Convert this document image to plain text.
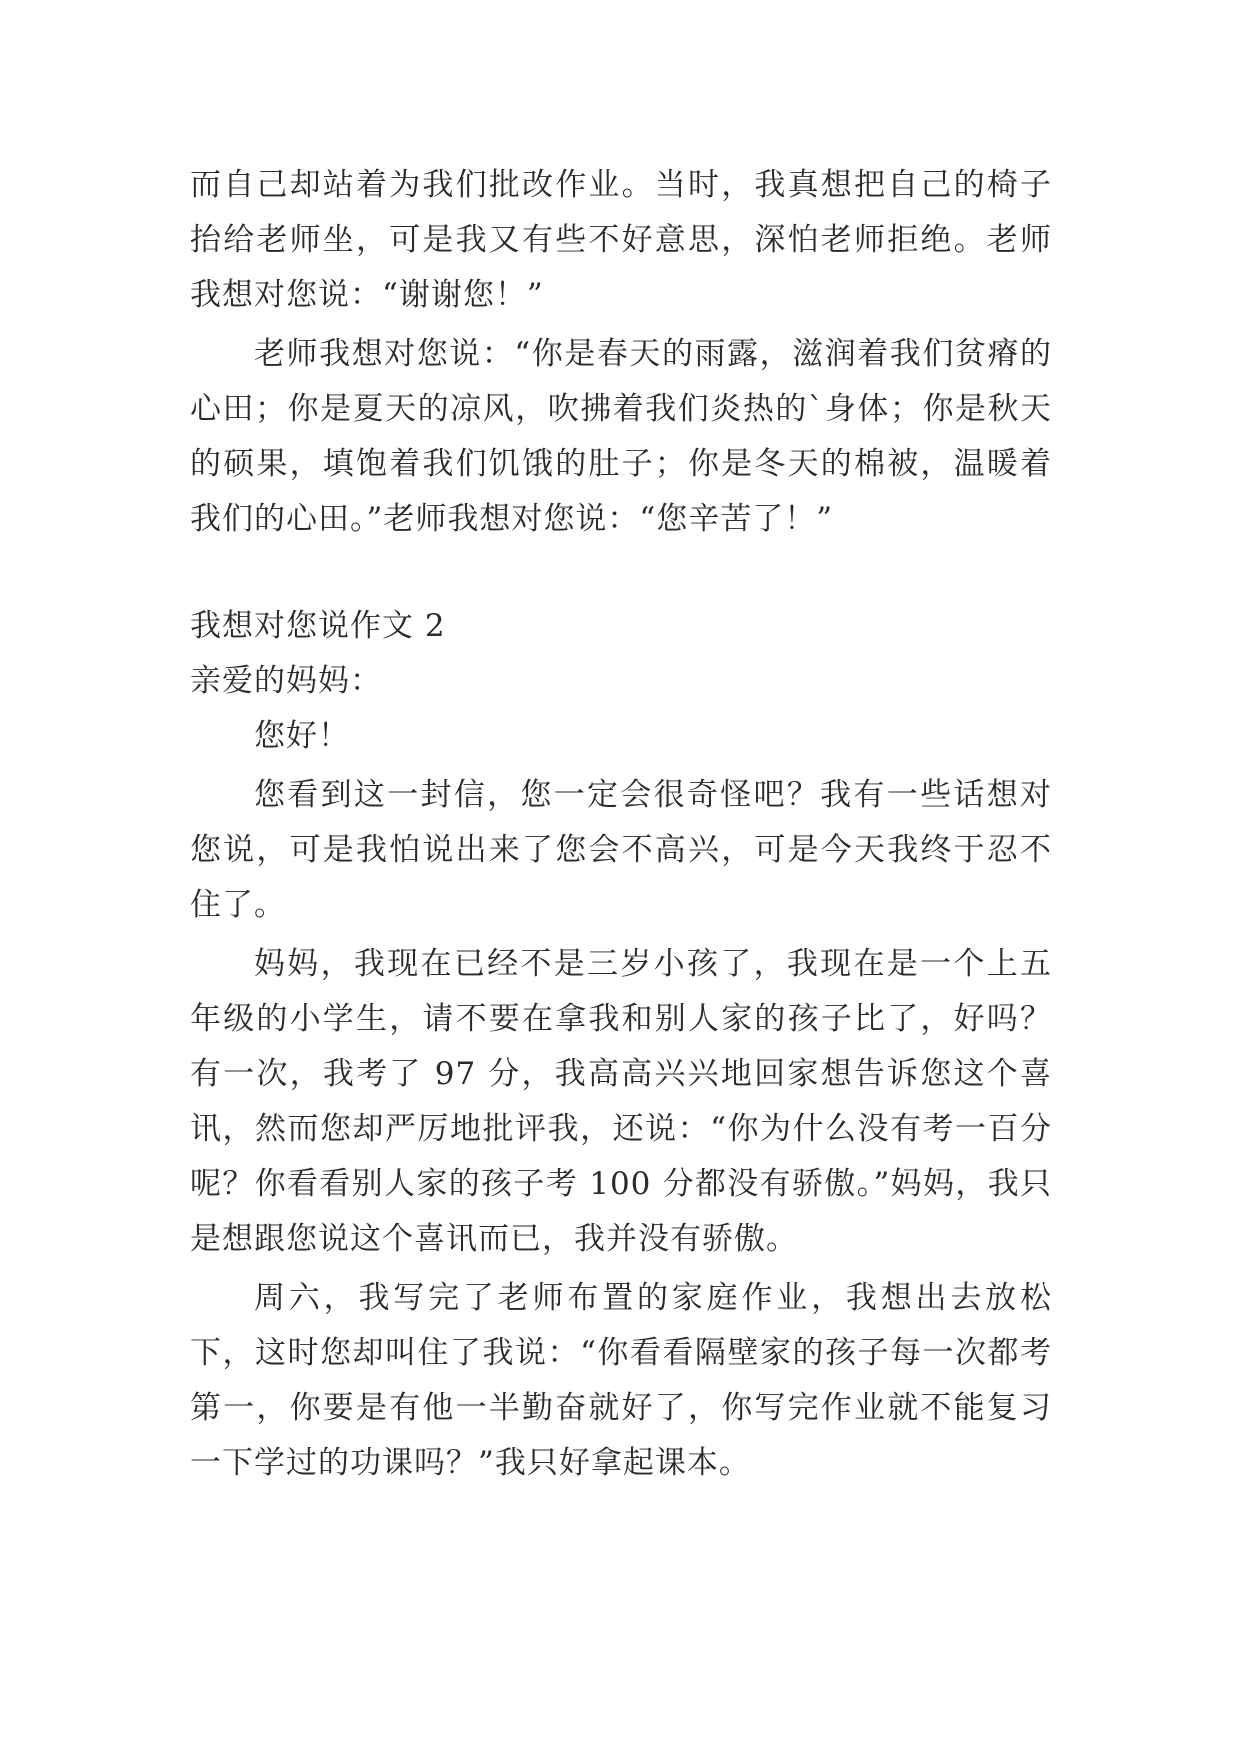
而自己却站着为我们批改作业。当时，我真想把自己的椅子抬给老师坐，可是我又有些不好意思，深怕老师拒绝。老师我想对您说：“谢谢您！”

老师我想对您说：“你是春天的雨露，滋润着我们贫瘠的心田；你是夏天的凉风，吹拂着我们炎热的`身体；你是秋天的硕果，填饱着我们饥饿的肚子；你是冬天的棉被，温暖着我们的心田。”老师我想对您说：“您辛苦了！”

我想对您说作文 2

亲爱的妈妈：

您好！

您看到这一封信，您一定会很奇怪吧？我有一些话想对您说，可是我怕说出来了您会不高兴，可是今天我终于忍不住了。

妈妈，我现在已经不是三岁小孩了，我现在是一个上五年级的小学生，请不要在拿我和别人家的孩子比了，好吗？有一次，我考了 97 分，我高高兴兴地回家想告诉您这个喜讯，然而您却严厉地批评我，还说：“你为什么没有考一百分呢？你看看别人家的孩子考 100 分都没有骄傲。”妈妈，我只是想跟您说这个喜讯而已，我并没有骄傲。

周六，我写完了老师布置的家庭作业，我想出去放松下，这时您却叫住了我说：“你看看隔壁家的孩子每一次都考第一，你要是有他一半勤奋就好了，你写完作业就不能复习一下学过的功课吗？”我只好拿起课本。
